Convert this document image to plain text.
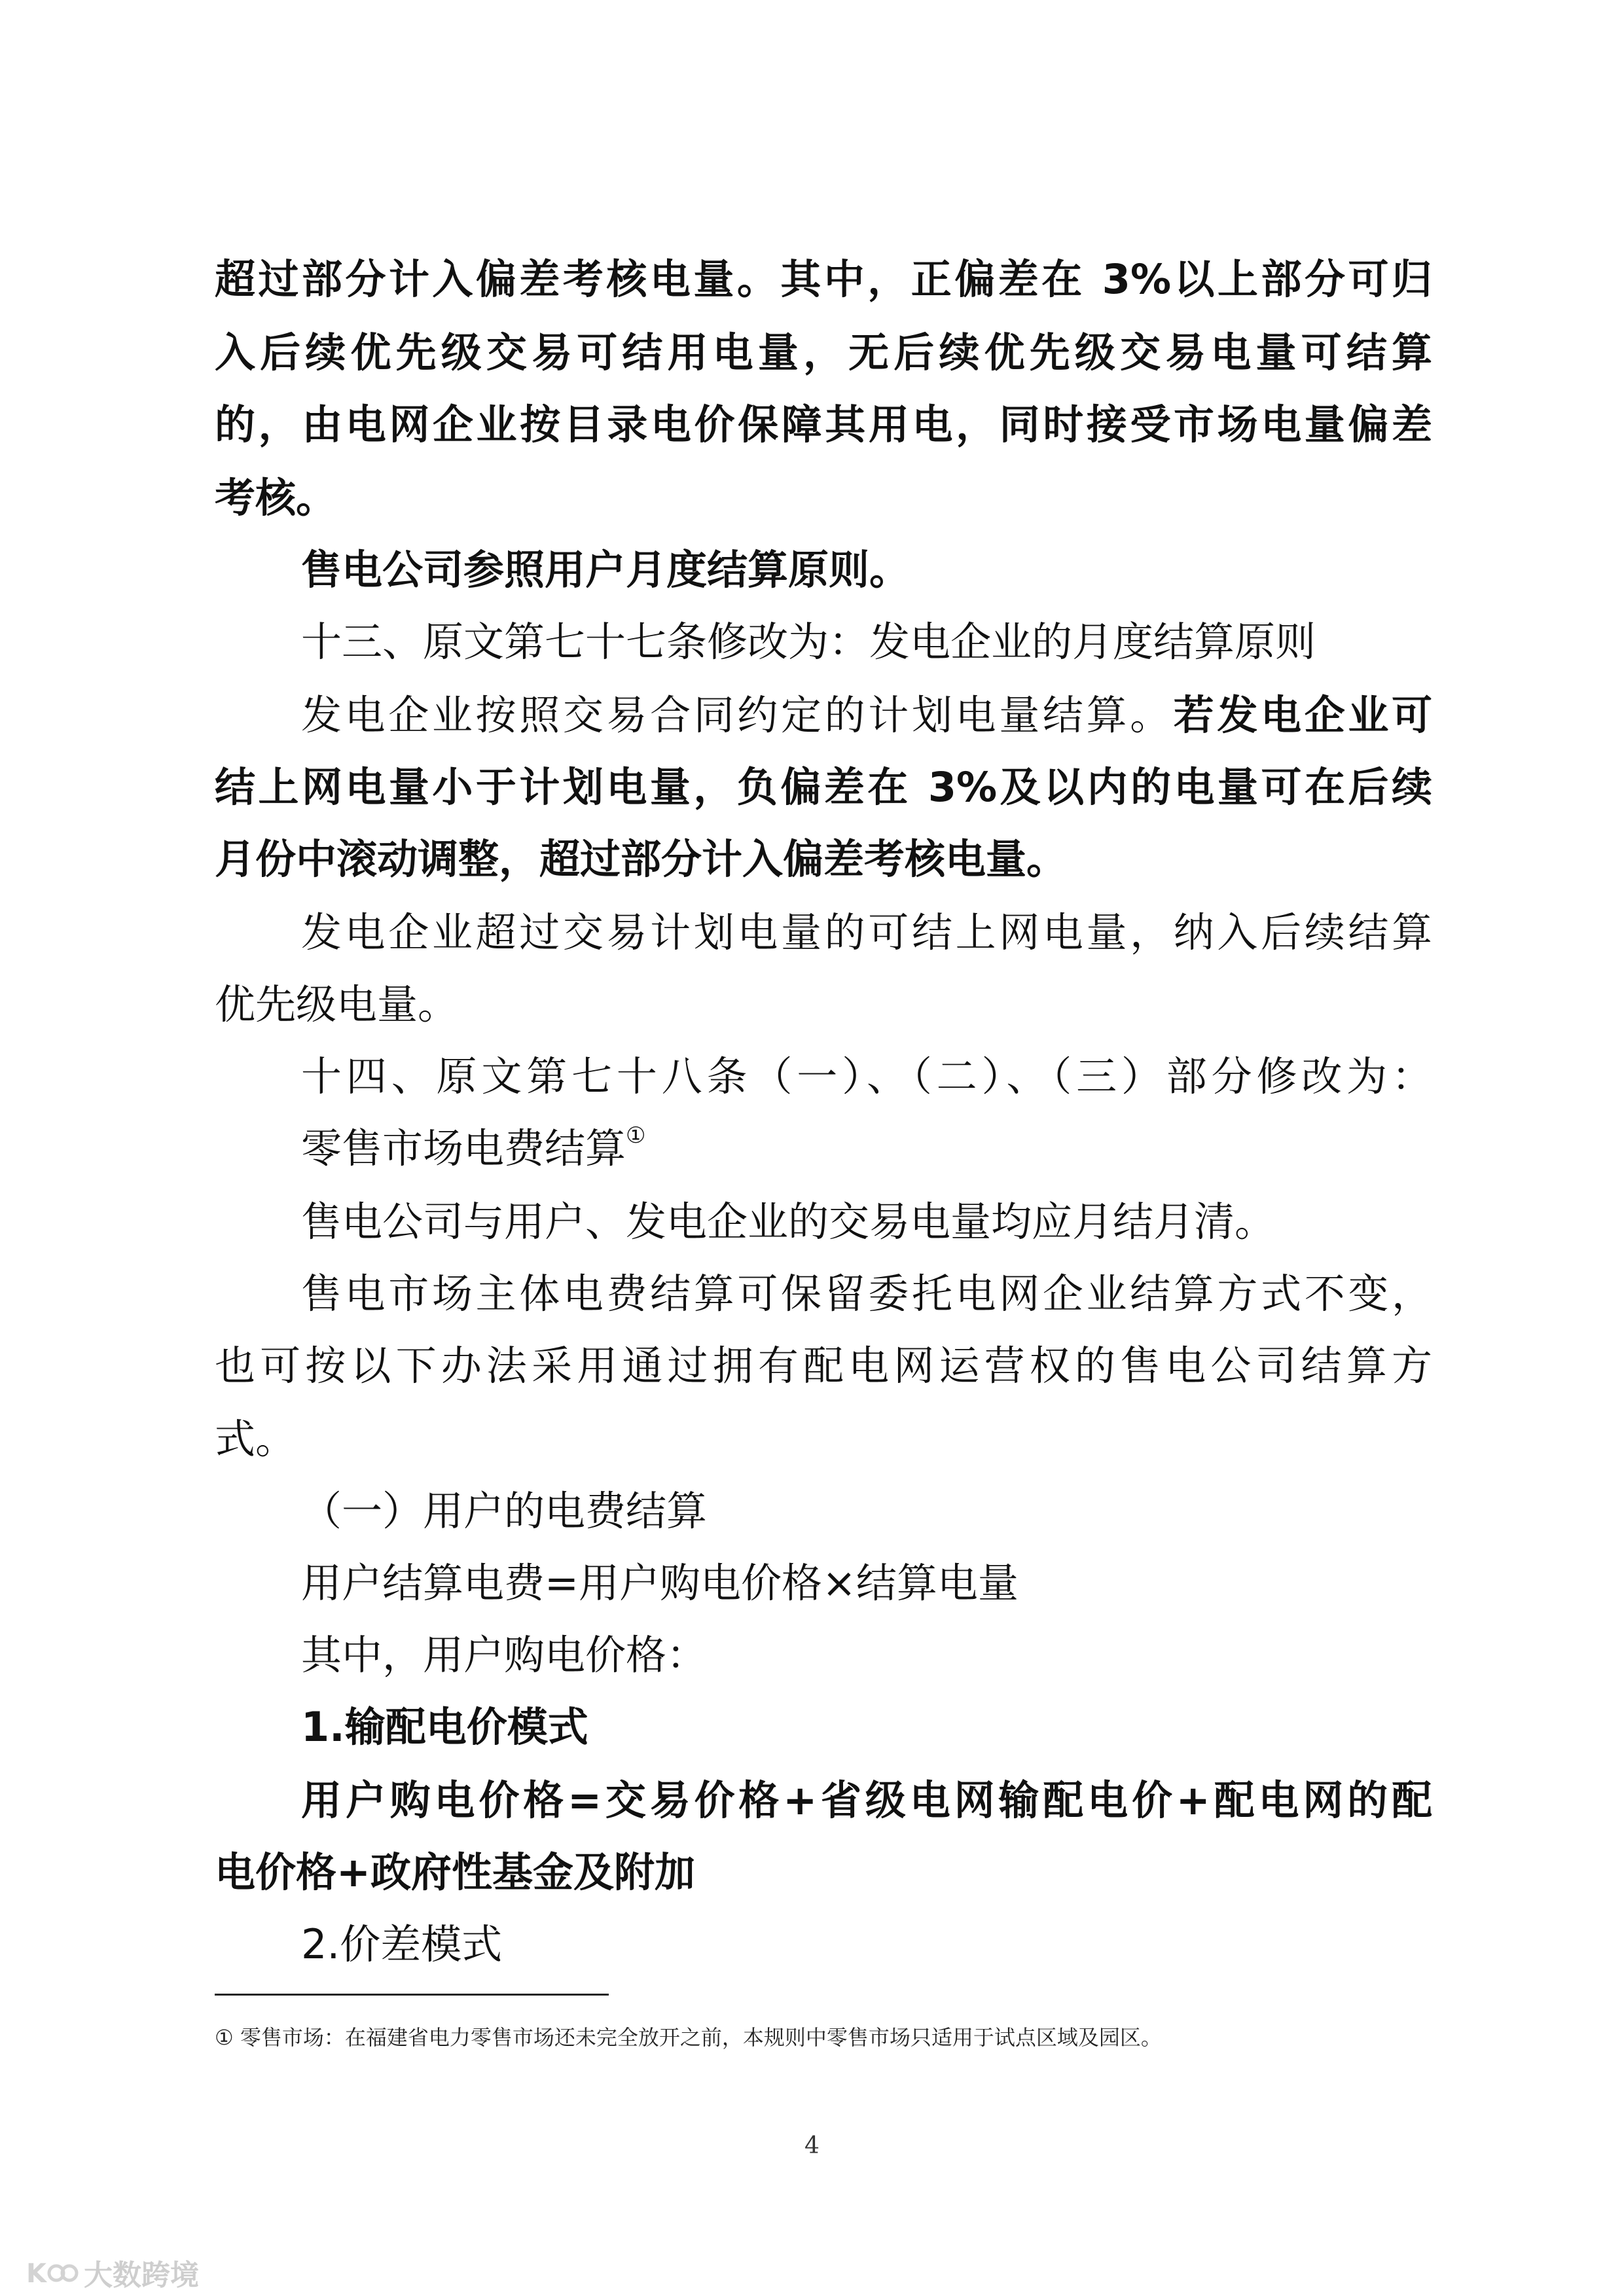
超过部分计入偏差考核电量。其中，正偏差在 3%以上部分可归
入后续优先级交易可结用电量，无后续优先级交易电量可结算
的，由电网企业按目录电价保障其用电，同时接受市场电量偏差
考核。
售电公司参照用户月度结算原则。
十三、原文第七十七条修改为：发电企业的月度结算原则
发电企业按照交易合同约定的计划电量结算。若发电企业可
结上网电量小于计划电量，负偏差在 3%及以内的电量可在后续
月份中滚动调整，超过部分计入偏差考核电量。
发电企业超过交易计划电量的可结上网电量，纳入后续结算
优先级电量。
十四、原文第七十八条（一）、（二）、（三）部分修改为：
零售市场电费结算①
售电公司与用户、发电企业的交易电量均应月结月清。
售电市场主体电费结算可保留委托电网企业结算方式不变，
也可按以下办法采用通过拥有配电网运营权的售电公司结算方
式。
（一）用户的电费结算
用户结算电费=用户购电价格×结算电量
其中，用户购电价格：
1.输配电价模式
用户购电价格=交易价格+省级电网输配电价+配电网的配
电价格+政府性基金及附加
2.价差模式
① 零售市场：在福建省电力零售市场还未完全放开之前，本规则中零售市场只适用于试点区域及园区。
4
K 大数跨境
